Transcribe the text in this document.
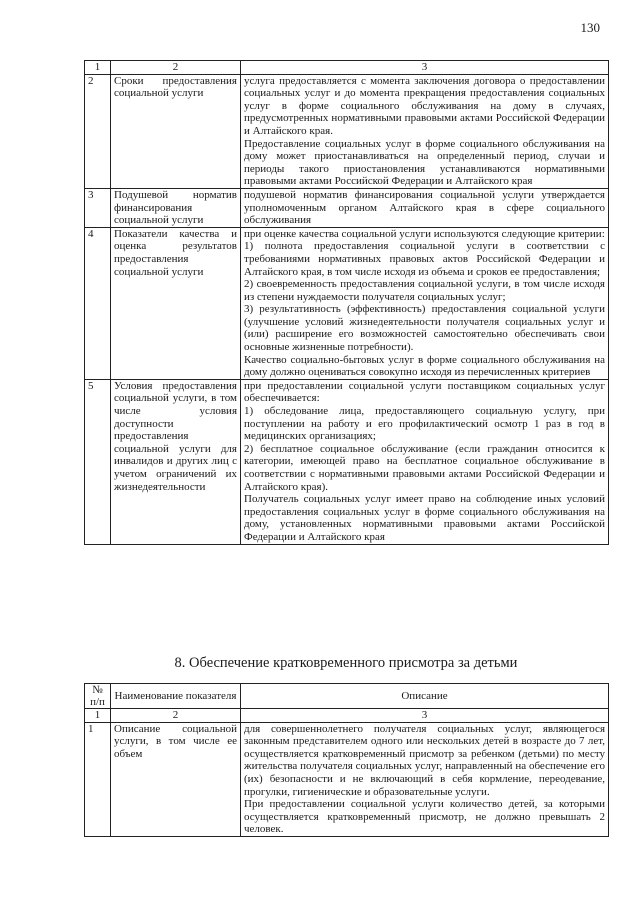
130
1	2	3
2	Сроки предоставления социальной услуги	услуга предоставляется с момента заключения договора о предоставлении социальных услуг и до момента прекращения предоставления социальных услуг в форме социального обслуживания на дому в случаях, предусмотренных нормативными правовыми актами Российской Федерации и Алтайского края.
Предоставление социальных услуг в форме социального обслуживания на дому может приостанавливаться на определенный период, случаи и периоды такого приостановления устанавливаются нормативными правовыми актами Российской Федерации и Алтайского края

3	Подушевой норматив финансирования социальной услуги	подушевой норматив финансирования социальной услуги утверждается уполномоченным органом Алтайского края в сфере социального обслуживания

4	Показатели качества и оценка результатов предоставления социальной услуги	при оценке качества социальной услуги используются следующие критерии:
1) полнота предоставления социальной услуги в соответствии с требованиями нормативных правовых актов Российской Федерации и Алтайского края, в том числе исходя из объема и сроков ее предоставления;
2) своевременность предоставления социальной услуги, в том числе исходя из степени нуждаемости получателя социальных услуг;
3) результативность (эффективность) предоставления социальной услуги (улучшение условий жизнедеятельности получателя социальных услуг и (или) расширение его возможностей самостоятельно обеспечивать свои основные жизненные потребности).
Качество социально-бытовых услуг в форме социального обслуживания на дому должно оцениваться совокупно исходя из перечисленных критериев

5	Условия предоставления социальной услуги, в том числе условия доступности предоставления социальной услуги для инвалидов и других лиц с учетом ограничений их жизнедеятельности	при предоставлении социальной услуги поставщиком социальных услуг обеспечивается:
1) обследование лица, предоставляющего социальную услугу, при поступлении на работу и его профилактический осмотр 1 раз в год в медицинских организациях;
2) бесплатное социальное обслуживание (если гражданин относится к категории, имеющей право на бесплатное социальное обслуживание в соответствии с нормативными правовыми актами Российской Федерации и Алтайского края).
Получатель социальных услуг имеет право на соблюдение иных условий предоставления социальных услуг в форме социального обслуживания на дому, установленных нормативными правовыми актами Российской Федерации и Алтайского края
8. Обеспечение кратковременного присмотра за детьми
№ п/п	Наименование показателя	Описание
1	2	3
1	Описание социальной услуги, в том числе ее объем	для совершеннолетнего получателя социальных услуг, являющегося законным представителем одного или нескольких детей в возрасте до 7 лет, осуществляется кратковременный присмотр за ребенком (детьми) по месту жительства получателя социальных услуг, направленный на обеспечение его (их) безопасности и не включающий в себя кормление, переодевание, прогулки, гигиенические и образовательные услуги.
При предоставлении социальной услуги количество детей, за которыми осуществляется кратковременный присмотр, не должно превышать 2 человек.
